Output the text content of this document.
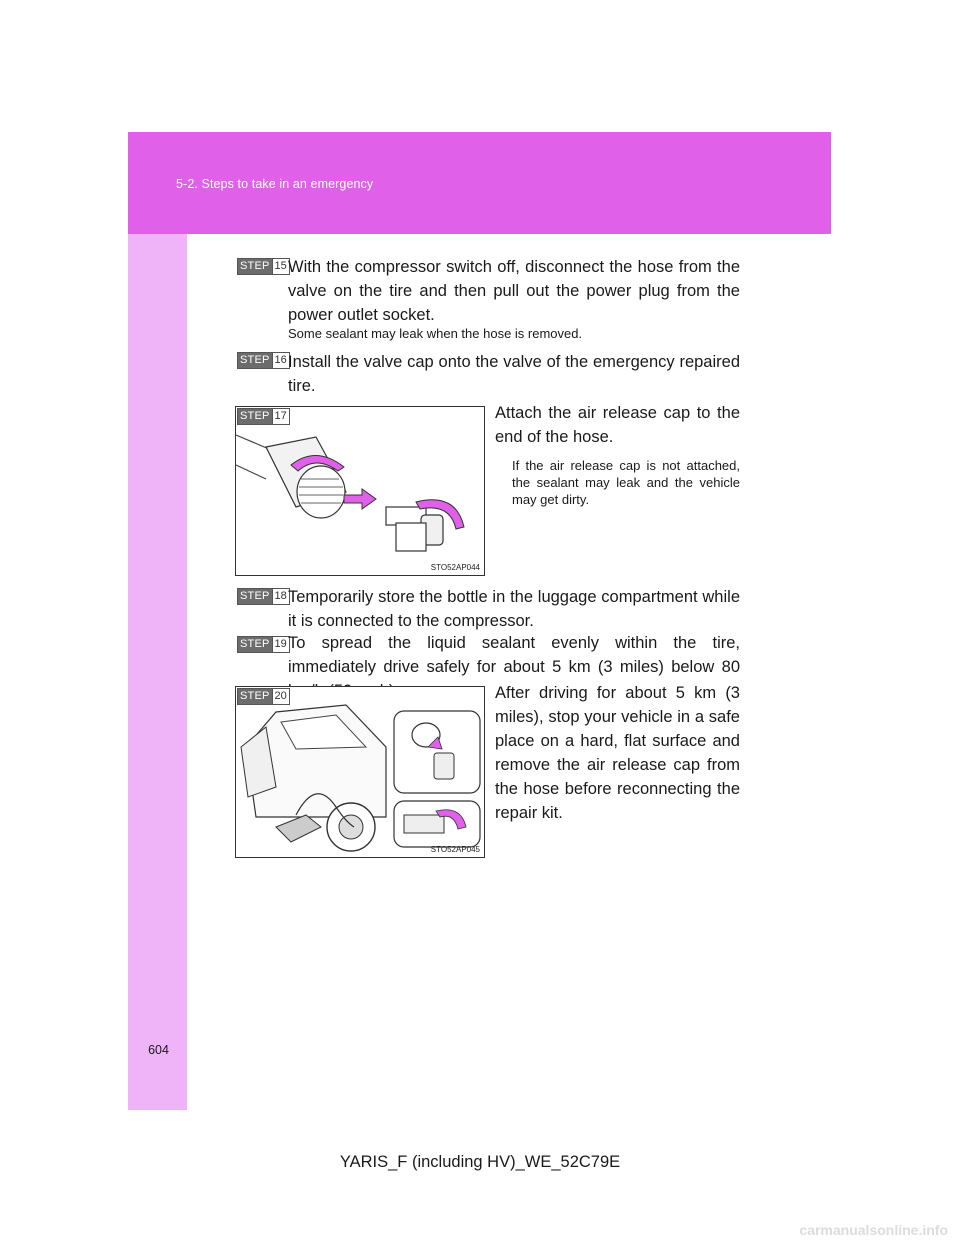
5-2. Steps to take in an emergency
STEP 15 With the compressor switch off, disconnect the hose from the valve on the tire and then pull out the power plug from the power outlet socket.
Some sealant may leak when the hose is removed.
STEP 16 Install the valve cap onto the valve of the emergency repaired tire.
STEP 17
STO52AP044
Attach the air release cap to the end of the hose.
If the air release cap is not attached, the sealant may leak and the vehicle may get dirty.
STEP 18 Temporarily store the bottle in the luggage compartment while it is connected to the compressor.
STEP 19 To spread the liquid sealant evenly within the tire, immediately drive safely for about 5 km (3 miles) below 80
STEP 20
STO52AP045
After driving for about 5 km (3 miles), stop your vehicle in a safe place on a hard, flat surface and remove the air release cap from the hose before reconnecting the repair kit.
604
YARIS_F (including HV)_WE_52C79E
carmanualsonline.info
